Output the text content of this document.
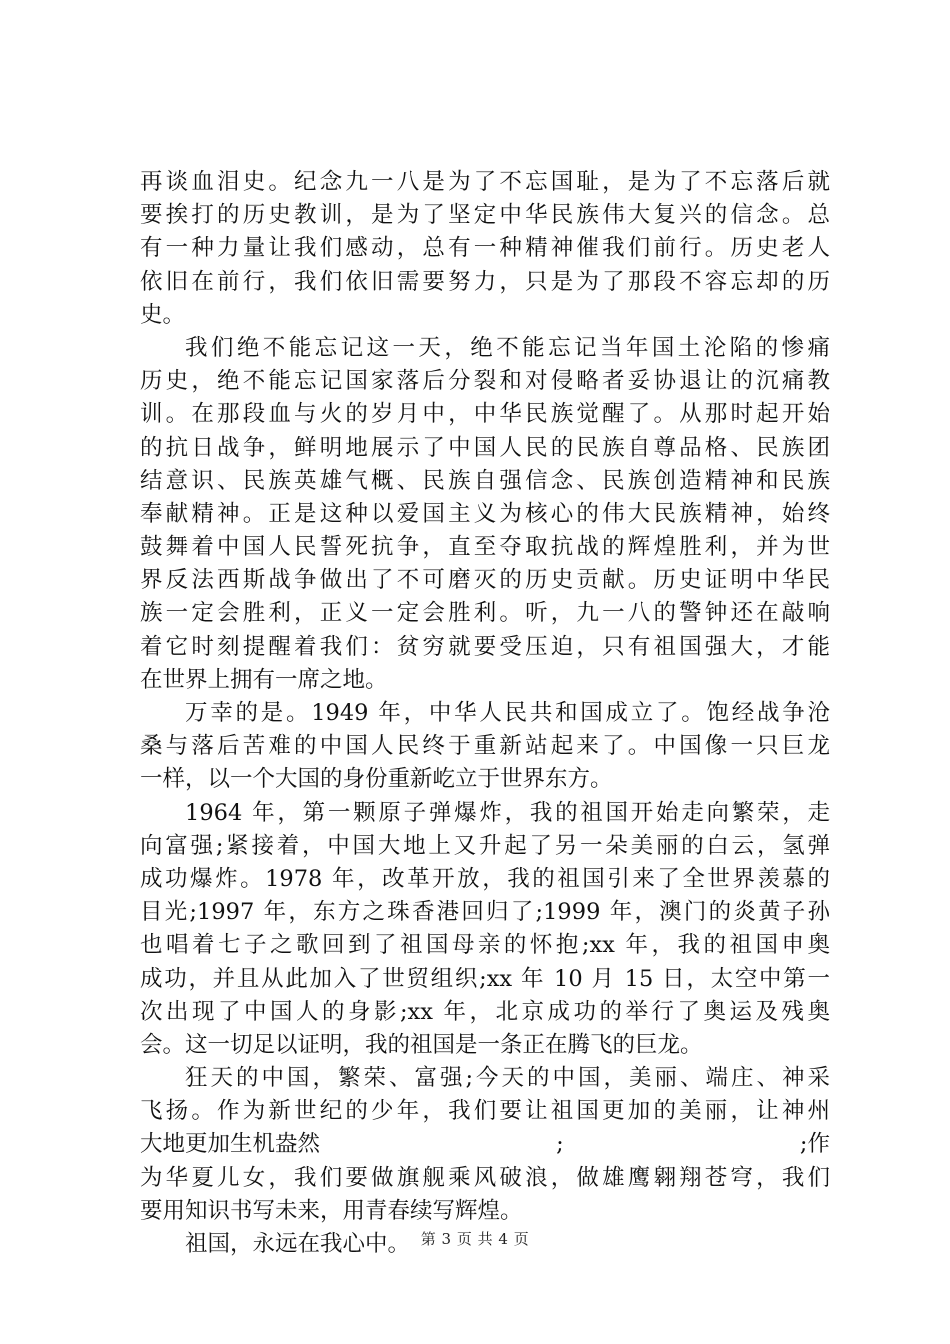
再谈血泪史。纪念九一八是为了不忘国耻，是为了不忘落后就
要挨打的历史教训，是为了坚定中华民族伟大复兴的信念。总
有一种力量让我们感动，总有一种精神催我们前行。历史老人
依旧在前行，我们依旧需要努力，只是为了那段不容忘却的历
史。
我们绝不能忘记这一天，绝不能忘记当年国土沦陷的惨痛
历史，绝不能忘记国家落后分裂和对侵略者妥协退让的沉痛教
训。在那段血与火的岁月中，中华民族觉醒了。从那时起开始
的抗日战争，鲜明地展示了中国人民的民族自尊品格、民族团
结意识、民族英雄气概、民族自强信念、民族创造精神和民族
奉献精神。正是这种以爱国主义为核心的伟大民族精神，始终
鼓舞着中国人民誓死抗争，直至夺取抗战的辉煌胜利，并为世
界反法西斯战争做出了不可磨灭的历史贡献。历史证明中华民
族一定会胜利，正义一定会胜利。听，九一八的警钟还在敲响
着它时刻提醒着我们：贫穷就要受压迫，只有祖国强大，才能
在世界上拥有一席之地。
万幸的是。1949 年，中华人民共和国成立了。饱经战争沧
桑与落后苦难的中国人民终于重新站起来了。中国像一只巨龙
一样，以一个大国的身份重新屹立于世界东方。
1964 年，第一颗原子弹爆炸，我的祖国开始走向繁荣，走
向富强;紧接着，中国大地上又升起了另一朵美丽的白云，氢弹
成功爆炸。1978 年，改革开放，我的祖国引来了全世界羡慕的
目光;1997 年，东方之珠香港回归了;1999 年，澳门的炎黄子孙
也唱着七子之歌回到了祖国母亲的怀抱;xx 年，我的祖国申奥
成功，并且从此加入了世贸组织;xx 年 10 月 15 日，太空中第一
次出现了中国人的身影;xx 年，北京成功的举行了奥运及残奥
会。这一切足以证明，我的祖国是一条正在腾飞的巨龙。
狂天的中国，繁荣、富强;今天的中国，美丽、端庄、神采
飞扬。作为新世纪的少年，我们要让祖国更加的美丽，让神州
大地更加生机盎然	;	;作
为华夏儿女，我们要做旗舰乘风破浪，做雄鹰翱翔苍穹，我们
要用知识书写未来，用青春续写辉煌。
祖国，永远在我心中。 第 3 页 共 4 页
